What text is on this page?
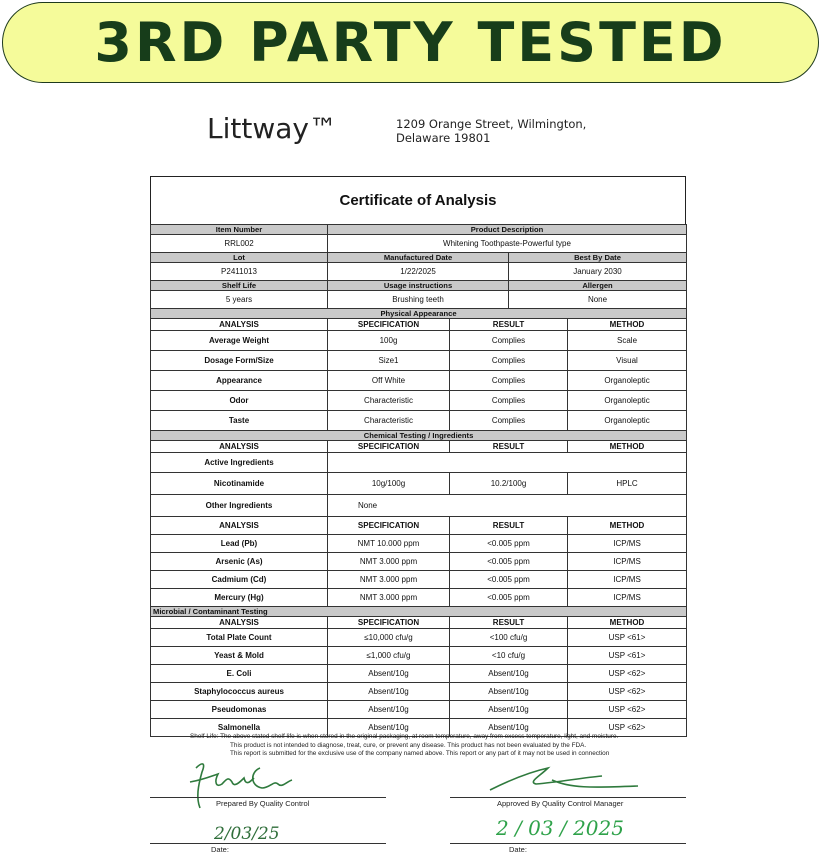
3RD PARTY TESTED
Littway™	1209 Orange Street, Wilmington,
Delaware 19801
Certificate of Analysis
Item Number	Product Description			
RRL002	Whitening Toothpaste-Powerful type			
Lot	Manufactured Date		Best By Date	
P2411013	1/22/2025		January 2030	
Shelf Life	Usage instructions		Allergen	
5 years	Brushing teeth		None	
Physical Appearance				
ANALYSIS	SPECIFICATION	RESULT		METHOD
Average Weight	100g	Complies		Scale
Dosage Form/Size	Size1	Complies		Visual
Appearance	Off White	Complies		Organoleptic
Odor	Characteristic	Complies		Organoleptic
Taste	Characteristic	Complies		Organoleptic
Chemical Testing / Ingredients				
ANALYSIS	SPECIFICATION	RESULT		METHOD
Active Ingredients				
Nicotinamide	10g/100g	10.2/100g		HPLC
Other Ingredients	None			
ANALYSIS	SPECIFICATION	RESULT		METHOD
Lead (Pb)	NMT 10.000 ppm	<0.005 ppm		ICP/MS
Arsenic (As)	NMT 3.000 ppm	<0.005 ppm		ICP/MS
Cadmium (Cd)	NMT 3.000 ppm	<0.005 ppm		ICP/MS
Mercury (Hg)	NMT 3.000 ppm	<0.005 ppm		ICP/MS
Microbial / Contaminant Testing				
ANALYSIS	SPECIFICATION	RESULT		METHOD
Total Plate Count	≤10,000 cfu/g	<100 cfu/g		USP <61>
Yeast & Mold	≤1,000 cfu/g	<10 cfu/g		USP <61>
E. Coli	Absent/10g	Absent/10g		USP <62>
Staphylococcus aureus	Absent/10g	Absent/10g		USP <62>
Pseudomonas	Absent/10g	Absent/10g		USP <62>
Salmonella	Absent/10g	Absent/10g		USP <62>
Shelf Life: The above stated shelf life is when stored in the original packaging, at room temperature, away from excess temperature, light, and moisture.
This product is not intended to diagnose, treat, cure, or prevent any disease. This product has not been evaluated by the FDA.
This report is submitted for the exclusive use of the company named above. This report or any part of it may not be used in connection
Prepared By Quality Control	Approved By Quality Control Manager
2/03/25	2 / 03 / 2025
Date:	Date:
